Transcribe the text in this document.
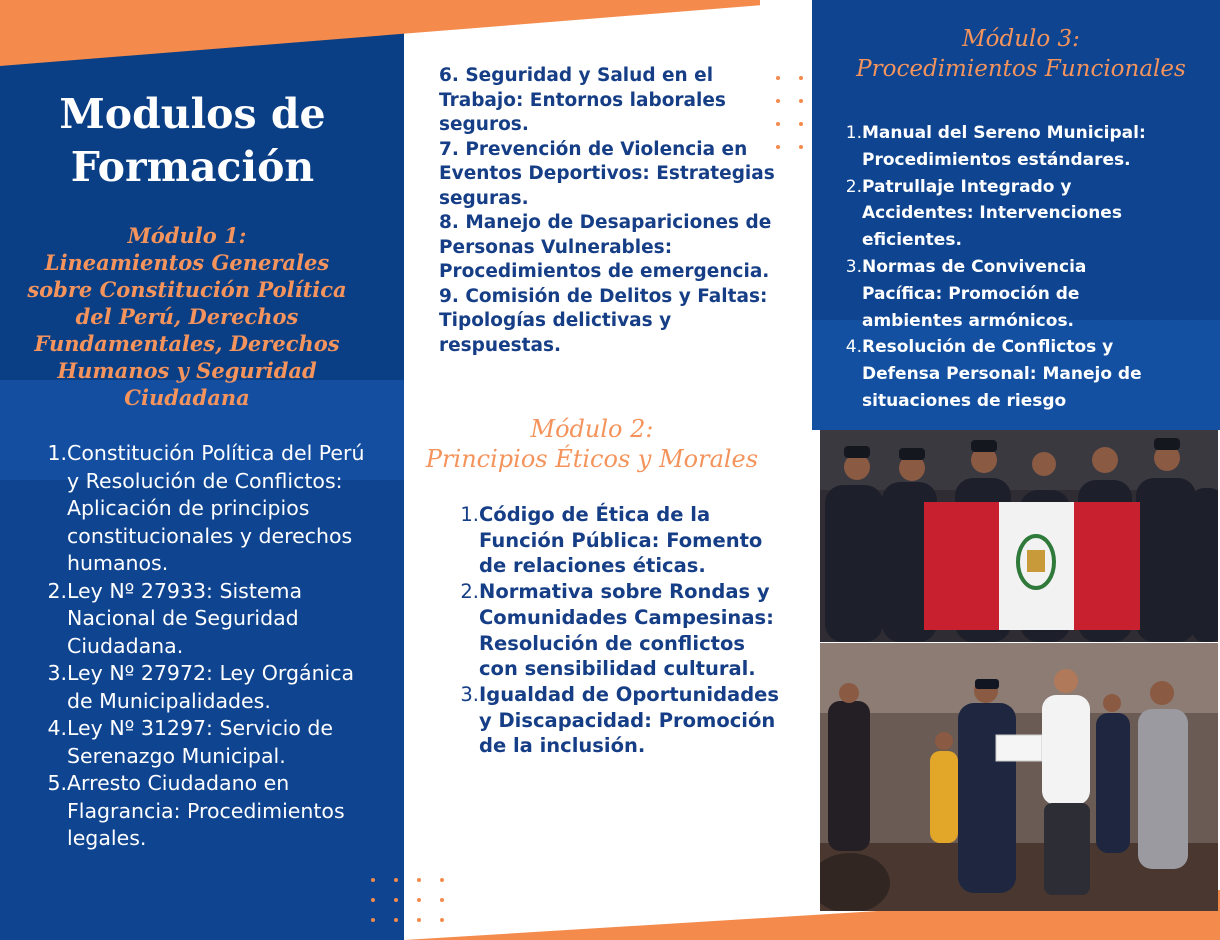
Modulos de
Formación
Módulo 1:
Lineamientos Generales
sobre Constitución Política
del Perú, Derechos
Fundamentales, Derechos
Humanos y Seguridad
Ciudadana
1. Constitución Política del Perú y Resolución de Conflictos: Aplicación de principios constitucionales y derechos humanos.
2. Ley Nº 27933: Sistema Nacional de Seguridad Ciudadana.
3. Ley Nº 27972: Ley Orgánica de Municipalidades.
4. Ley Nº 31297: Servicio de Serenazgo Municipal.
5. Arresto Ciudadano en Flagrancia: Procedimientos legales.
6. Seguridad y Salud en el Trabajo: Entornos laborales seguros.
7. Prevención de Violencia en Eventos Deportivos: Estrategias seguras.
8. Manejo de Desapariciones de Personas Vulnerables: Procedimientos de emergencia.
9. Comisión de Delitos y Faltas: Tipologías delictivas y respuestas.
Módulo 2:
Principios Éticos y Morales
1. Código de Ética de la Función Pública: Fomento de relaciones éticas.
2. Normativa sobre Rondas y Comunidades Campesinas: Resolución de conflictos con sensibilidad cultural.
3. Igualdad de Oportunidades y Discapacidad: Promoción de la inclusión.
Módulo 3:
Procedimientos Funcionales
1. Manual del Sereno Municipal: Procedimientos estándares.
2. Patrullaje Integrado y Accidentes: Intervenciones eficientes.
3. Normas de Convivencia Pacífica: Promoción de ambientes armónicos.
4. Resolución de Conflictos y Defensa Personal: Manejo de situaciones de riesgo
